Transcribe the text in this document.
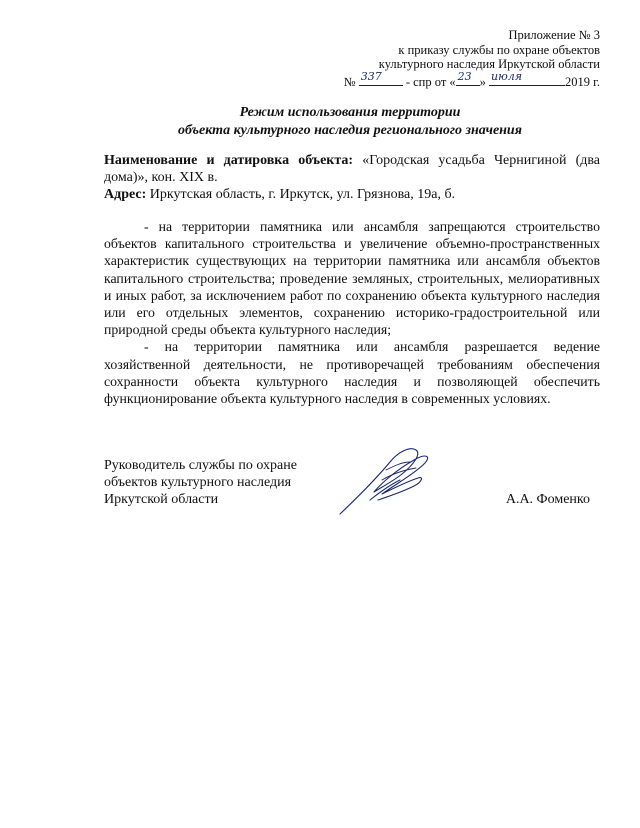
Приложение № 3
к приказу службы по охране объектов
культурного наследия Иркутской области
№ 337 - спр от « 23 » июля	2019 г.
Режим использования территории
объекта культурного наследия регионального значения
Наименование и датировка объекта: «Городская усадьба Чернигиной (два дома)», кон. XIX в.
Адрес: Иркутская область, г. Иркутск, ул. Грязнова, 19а, б.

- на территории памятника или ансамбля запрещаются строительство объектов капитального строительства и увеличение объемно-пространственных характеристик существующих на территории памятника или ансамбля объектов капитального строительства; проведение земляных, строительных, мелиоративных и иных работ, за исключением работ по сохранению объекта культурного наследия или его отдельных элементов, сохранению историко-градостроительной или природной среды объекта культурного наследия;

- на территории памятника или ансамбля разрешается ведение хозяйственной деятельности, не противоречащей требованиям обеспечения сохранности объекта культурного наследия и позволяющей обеспечить функционирование объекта культурного наследия в современных условиях.

Руководитель службы по охране
объектов культурного наследия
Иркутской области	А.А. Фоменко
